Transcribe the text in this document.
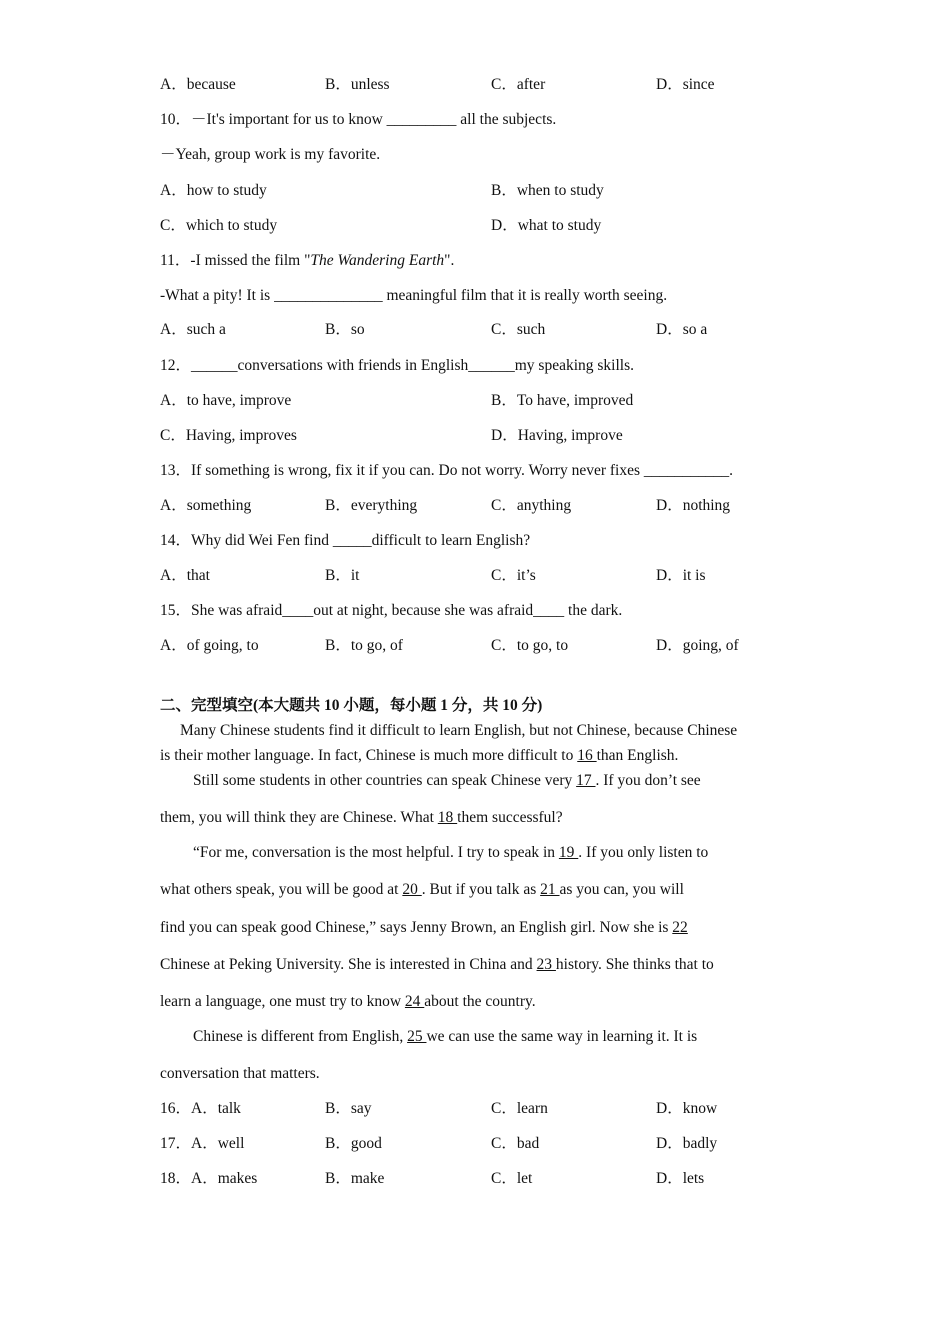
A．because	B．unless	C．after	D．since
10．－It's important for us to know _________ all the subjects.
－Yeah, group work is my favorite.
A．how to study	B．when to study
C．which to study	D．what to study
11．-I missed the film "The Wandering Earth".
-What a pity! It is ______________ meaningful film that it is really worth seeing.
A．such a	B．so	C．such	D．so a
12．______conversations with friends in English______my speaking skills.
A．to have, improve	B．To have, improved
C．Having, improves	D．Having, improve
13．If something is wrong, fix it if you can. Do not worry. Worry never fixes ___________.
A．something	B．everything	C．anything	D．nothing
14．Why did Wei Fen find _____difficult to learn English?
A．that	B．it	C．it’s	D．it is
15．She was afraid____out at night, because she was afraid____ the dark.
A．of going, to	B．to go, of	C．to go, to	D．going, of
二、完型填空(本大题共 10 小题，每小题 1 分，共 10 分)
Many Chinese students find it difficult to learn English, but not Chinese, because Chinese
is their mother language. In fact, Chinese is much more difficult to 16 than English.
Still some students in other countries can speak Chinese very 17 . If you don’t see
them, you will think they are Chinese. What 18 them successful?
“For me, conversation is the most helpful. I try to speak in 19 . If you only listen to
what others speak, you will be good at 20 . But if you talk as 21 as you can, you will
find you can speak good Chinese,” says Jenny Brown, an English girl. Now she is 22
Chinese at Peking University. She is interested in China and 23 history. She thinks that to
learn a language, one must try to know 24 about the country.
Chinese is different from English, 25 we can use the same way in learning it. It is
conversation that matters.
16．A．talk	B．say	C．learn	D．know
17．A．well	B．good	C．bad	D．badly
18．A．makes	B．make	C．let	D．lets
